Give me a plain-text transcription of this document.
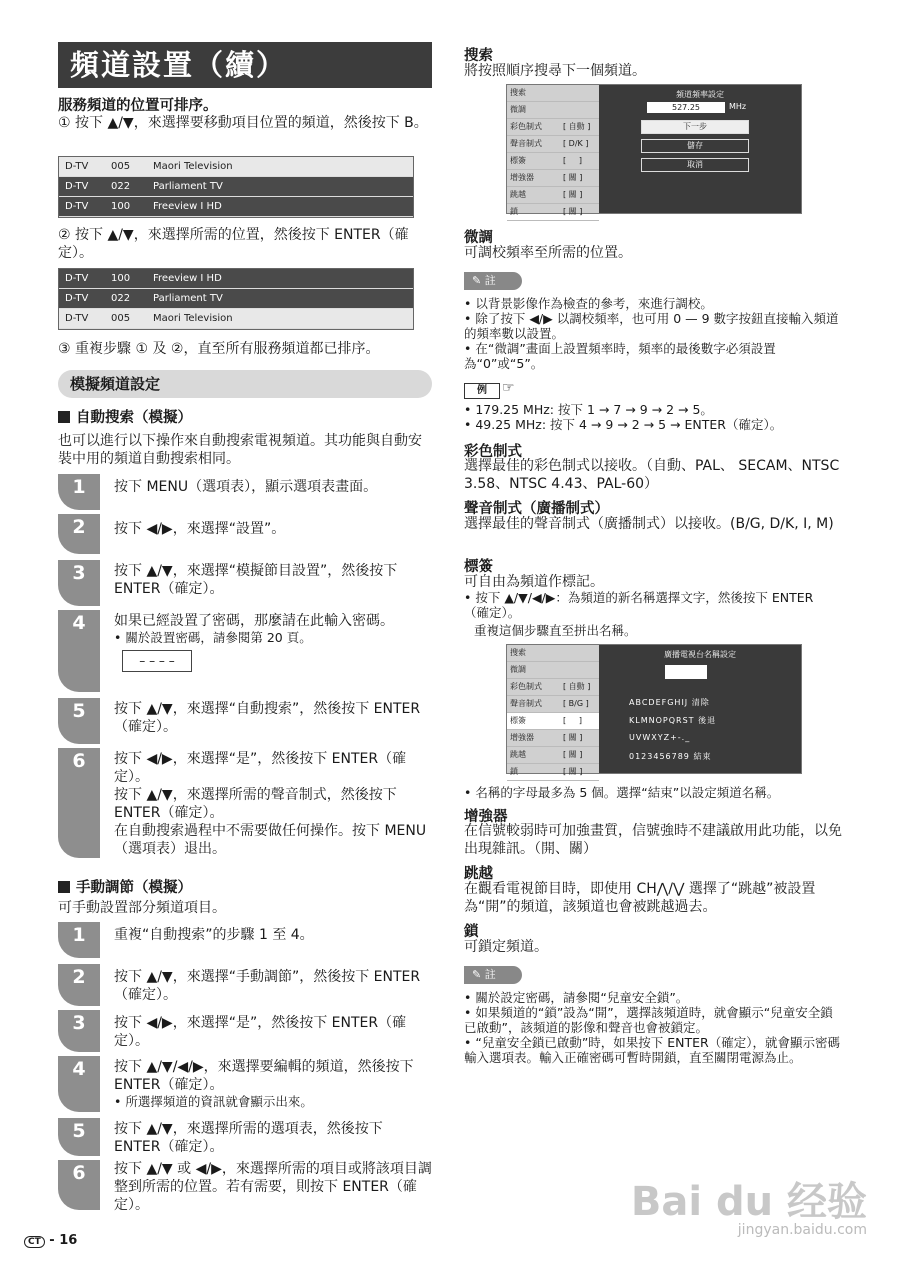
頻道設置（續）
服務頻道的位置可排序。
① 按下 ▲/▼，來選擇要移動項目位置的頻道，然後按下 B。
D-TV 005 Maori Television
D-TV 022 Parliament TV
D-TV 100 Freeview I HD
② 按下 ▲/▼，來選擇所需的位置，然後按下 ENTER（確定）。
D-TV 100 Freeview I HD
D-TV 022 Parliament TV
D-TV 005 Maori Television
③ 重複步驟 ① 及 ②，直至所有服務頻道都已排序。
模擬頻道設定
自動搜索（模擬）
也可以進行以下操作來自動搜索電視頻道。其功能與自動安裝中用的頻道自動搜索相同。
1	按下 MENU（選項表），顯示選項表畫面。
2	按下 ◀/▶，來選擇“設置”。
3	按下 ▲/▼，來選擇“模擬節目設置”，然後按下 ENTER（確定）。
4	如果已經設置了密碼，那麼請在此輸入密碼。
• 關於設置密碼，請參閱第 20 頁。
– – – –
5	按下 ▲/▼，來選擇“自動搜索”，然後按下 ENTER（確定）。
6	按下 ◀/▶，來選擇“是”，然後按下 ENTER（確定）。
按下 ▲/▼，來選擇所需的聲音制式，然後按下 ENTER（確定）。
在自動搜索過程中不需要做任何操作。按下 MENU（選項表）退出。
手動調節（模擬）
可手動設置部分頻道項目。
1	重複“自動搜索”的步驟 1 至 4。
2	按下 ▲/▼，來選擇“手動調節”，然後按下 ENTER（確定）。
3	按下 ◀/▶，來選擇“是”，然後按下 ENTER（確定）。
4	按下 ▲/▼/◀/▶，來選擇要編輯的頻道，然後按下 ENTER（確定）。
• 所選擇頻道的資訊就會顯示出來。
5	按下 ▲/▼，來選擇所需的選項表，然後按下 ENTER（確定）。
6	按下 ▲/▼ 或 ◀/▶，來選擇所需的項目或將該項目調整到所需的位置。若有需要，則按下 ENTER（確定）。
搜索
將按照順序搜尋下一個頻道。
搜索
微調
彩色制式	[ 自動 ]
聲音制式	[ D/K ]
標簽	[     ]
增強器	[ 關 ]
跳越	[ 關 ]
鎖	[ 關 ]
頻道頻率設定
527.25	MHz
下一步
儲存
取消
微調
可調校頻率至所需的位置。
✎ 註
• 以背景影像作為檢查的參考，來進行調校。
• 除了按下 ◀/▶ 以調校頻率，也可用 0 — 9 數字按鈕直接輸入頻道的頻率數以設置。
• 在“微調”畫面上設置頻率時，頻率的最後數字必須設置為“0”或“5”。
例	☞
• 179.25 MHz: 按下 1 → 7 → 9 → 2 → 5。
• 49.25 MHz: 按下 4 → 9 → 2 → 5 → ENTER（確定）。
彩色制式
選擇最佳的彩色制式以接收。（自動、PAL、 SECAM、NTSC 3.58、NTSC 4.43、PAL-60）
聲音制式（廣播制式）
選擇最佳的聲音制式（廣播制式）以接收。(B/G, D/K, I, M)
標簽
可自由為頻道作標記。
• 按下 ▲/▼/◀/▶：為頻道的新名稱選擇文字，然後按下 ENTER（確定）。
重複這個步驟直至拼出名稱。
搜索
微調
彩色制式	[ 自動 ]
聲音制式	[ B/G ]
標簽	[     ]
增強器	[ 關 ]
跳越	[ 關 ]
鎖	[ 關 ]
廣播電視台名稱設定
ABCDEFGHIJ 清除
KLMNOPQRST 後退
UVWXYZ+-._
0123456789 結束
• 名稱的字母最多為 5 個。選擇“結束”以設定頻道名稱。
增強器
在信號較弱時可加強畫質，信號強時不建議啟用此功能，以免出現雜訊。（開、關）
跳越
在觀看電視節目時，即使用 CH⋀/⋁ 選擇了“跳越”被設置為“開”的頻道，該頻道也會被跳越過去。
鎖
可鎖定頻道。
✎ 註
• 關於設定密碼，請參閱“兒童安全鎖”。
• 如果頻道的“鎖”設為“開”，選擇該頻道時，就會顯示“兒童安全鎖已啟動”，該頻道的影像和聲音也會被鎖定。
• “兒童安全鎖已啟動”時，如果按下 ENTER（確定），就會顯示密碼輸入選項表。輸入正確密碼可暫時開鎖，直至關閉電源為止。
CT - 16
Bai du 经验
jingyan.baidu.com
